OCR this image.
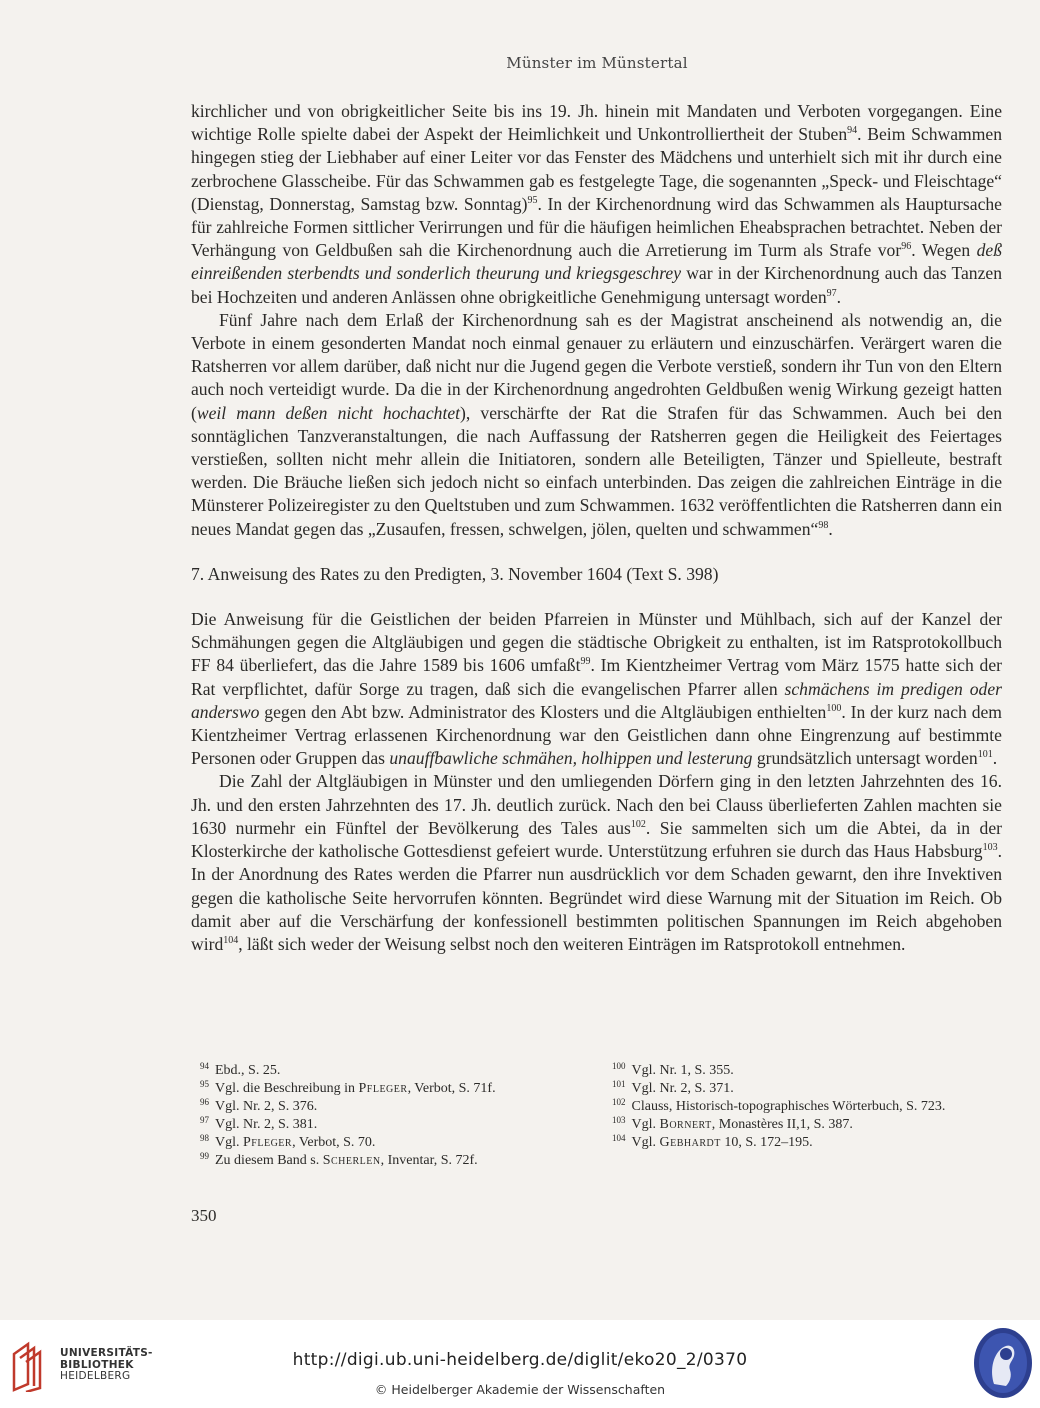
Münster im Münstertal

kirchlicher und von obrigkeitlicher Seite bis ins 19. Jh. hinein mit Mandaten und Verboten vorgegangen. Eine wichtige Rolle spielte dabei der Aspekt der Heimlichkeit und Unkontrolliertheit der Stuben$^{94}$. Beim Schwammen hingegen stieg der Liebhaber auf einer Leiter vor das Fenster des Mädchens und unterhielt sich mit ihr durch eine zerbrochene Glasscheibe. Für das Schwammen gab es festgelegte Tage, die sogenannten „Speck- und Fleischtage“ (Dienstag, Donnerstag, Samstag bzw. Sonntag)$^{95}$. In der Kirchenordnung wird das Schwammen als Hauptursache für zahlreiche Formen sittlicher Verirrungen und für die häufigen heimlichen Eheabsprachen betrachtet. Neben der Verhängung von Geldbußen sah die Kirchenordnung auch die Arretierung im Turm als Strafe vor$^{96}$. Wegen deß einreißenden sterbendts und sonderlich theurung und kriegsgeschrey war in der Kirchenordnung auch das Tanzen bei Hochzeiten und anderen Anlässen ohne obrigkeitliche Genehmigung untersagt worden$^{97}$.

Fünf Jahre nach dem Erlaß der Kirchenordnung sah es der Magistrat anscheinend als notwendig an, die Verbote in einem gesonderten Mandat noch einmal genauer zu erläutern und einzuschärfen. Verärgert waren die Ratsherren vor allem darüber, daß nicht nur die Jugend gegen die Verbote verstieß, sondern ihr Tun von den Eltern auch noch verteidigt wurde. Da die in der Kirchenordnung angedrohten Geldbußen wenig Wirkung gezeigt hatten (weil mann deßen nicht hochachtet), verschärfte der Rat die Strafen für das Schwammen. Auch bei den sonntäglichen Tanzveranstaltungen, die nach Auffassung der Ratsherren gegen die Heiligkeit des Feiertages verstießen, sollten nicht mehr allein die Initiatoren, sondern alle Beteiligten, Tänzer und Spielleute, bestraft werden. Die Bräuche ließen sich jedoch nicht so einfach unterbinden. Das zeigen die zahlreichen Einträge in die Münsterer Polizeiregister zu den Queltstuben und zum Schwammen. 1632 veröffentlichten die Ratsherren dann ein neues Mandat gegen das „Zusaufen, fressen, schwelgen, jölen, quelten und schwammen“$^{98}$.

7. Anweisung des Rates zu den Predigten, 3. November 1604 (Text S. 398)

Die Anweisung für die Geistlichen der beiden Pfarreien in Münster und Mühlbach, sich auf der Kanzel der Schmähungen gegen die Altgläubigen und gegen die städtische Obrigkeit zu enthalten, ist im Ratsprotokollbuch FF 84 überliefert, das die Jahre 1589 bis 1606 umfaßt$^{99}$. Im Kientzheimer Vertrag vom März 1575 hatte sich der Rat verpflichtet, dafür Sorge zu tragen, daß sich die evangelischen Pfarrer allen schmächens im predigen oder anderswo gegen den Abt bzw. Administrator des Klosters und die Altgläubigen enthielten$^{100}$. In der kurz nach dem Kientzheimer Vertrag erlassenen Kirchenordnung war den Geistlichen dann ohne Eingrenzung auf bestimmte Personen oder Gruppen das unauffbawliche schmähen, holhippen und lesterung grundsätzlich untersagt worden$^{101}$.

Die Zahl der Altgläubigen in Münster und den umliegenden Dörfern ging in den letzten Jahrzehnten des 16. Jh. und den ersten Jahrzehnten des 17. Jh. deutlich zurück. Nach den bei Clauss überlieferten Zahlen machten sie 1630 nurmehr ein Fünftel der Bevölkerung des Tales aus$^{102}$. Sie sammelten sich um die Abtei, da in der Klosterkirche der katholische Gottesdienst gefeiert wurde. Unterstützung erfuhren sie durch das Haus Habsburg$^{103}$. In der Anordnung des Rates werden die Pfarrer nun ausdrücklich vor dem Schaden gewarnt, den ihre Invektiven gegen die katholische Seite hervorrufen könnten. Begründet wird diese Warnung mit der Situation im Reich. Ob damit aber auf die Verschärfung der konfessionell bestimmten politischen Spannungen im Reich abgehoben wird$^{104}$, läßt sich weder der Weisung selbst noch den weiteren Einträgen im Ratsprotokoll entnehmen.

$^{94}$ Ebd., S. 25.

$^{95}$ Vgl. die Beschreibung in Pfleger, Verbot, S. 71f.

$^{96}$ Vgl. Nr. 2, S. 376.

$^{97}$ Vgl. Nr. 2, S. 381.

$^{98}$ Vgl. Pfleger, Verbot, S. 70.

$^{99}$ Zu diesem Band s. Scherlen, Inventar, S. 72f.

$^{100}$ Vgl. Nr. 1, S. 355.

$^{101}$ Vgl. Nr. 2, S. 371.

$^{102}$ Clauss, Historisch-topographisches Wörterbuch, S. 723.

$^{103}$ Vgl. Bornert, Monastères II,1, S. 387.

$^{104}$ Vgl. Gebhardt 10, S. 172–195.

350
UNIVERSITÄTS-
BIBLIOTHEK
HEIDELBERG
http://digi.ub.uni-heidelberg.de/diglit/eko20_2/0370
© Heidelberger Akademie der Wissenschaften
